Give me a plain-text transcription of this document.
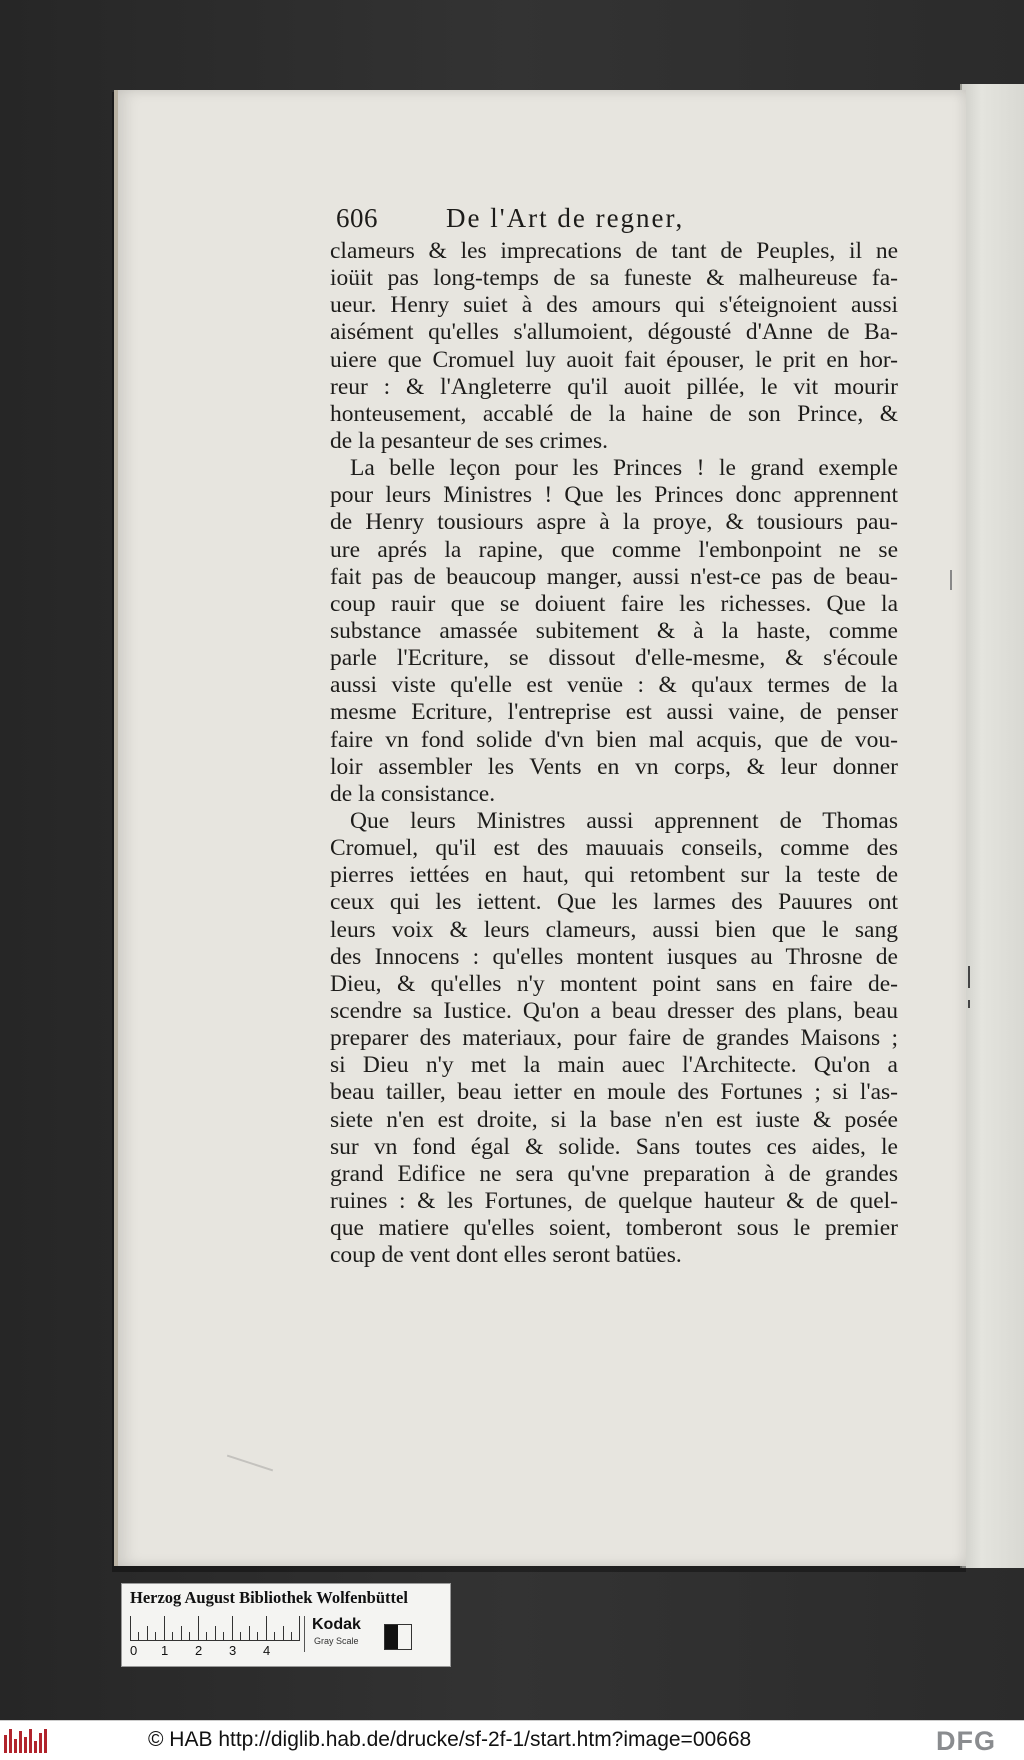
606	De l'Art de regner,
clameurs & les imprecations de tant de Peuples, il ne
ioüit pas long-temps de sa funeste & malheureuse fa-
ueur. Henry suiet à des amours qui s'éteignoient aussi
aisément qu'elles s'allumoient, dégousté d'Anne de Ba-
uiere que Cromuel luy auoit fait épouser, le prit en hor-
reur : & l'Angleterre qu'il auoit pillée, le vit mourir
honteusement, accablé de la haine de son Prince, &
de la pesanteur de ses crimes.
La belle leçon pour les Princes ! le grand exemple
pour leurs Ministres ! Que les Princes donc apprennent
de Henry tousiours aspre à la proye, & tousiours pau-
ure aprés la rapine, que comme l'embonpoint ne se
fait pas de beaucoup manger, aussi n'est-ce pas de beau-
coup rauir que se doiuent faire les richesses. Que la
substance amassée subitement & à la haste, comme
parle l'Ecriture, se dissout d'elle-mesme, & s'écoule
aussi viste qu'elle est venüe : & qu'aux termes de la
mesme Ecriture, l'entreprise est aussi vaine, de penser
faire vn fond solide d'vn bien mal acquis, que de vou-
loir assembler les Vents en vn corps, & leur donner
de la consistance.
Que leurs Ministres aussi apprennent de Thomas
Cromuel, qu'il est des mauuais conseils, comme des
pierres iettées en haut, qui retombent sur la teste de
ceux qui les iettent. Que les larmes des Pauures ont
leurs voix & leurs clameurs, aussi bien que le sang
des Innocens : qu'elles montent iusques au Throsne de
Dieu, & qu'elles n'y montent point sans en faire de-
scendre sa Iustice. Qu'on a beau dresser des plans, beau
preparer des materiaux, pour faire de grandes Maisons ;
si Dieu n'y met la main auec l'Architecte. Qu'on a
beau tailler, beau ietter en moule des Fortunes ; si l'as-
siete n'en est droite, si la base n'en est iuste & posée
sur vn fond égal & solide. Sans toutes ces aides, le
grand Edifice ne sera qu'vne preparation à de grandes
ruines : & les Fortunes, de quelque hauteur & de quel-
que matiere qu'elles soient, tomberont sous le premier
coup de vent dont elles seront batües.
Herzog August Bibliothek Wolfenbüttel
0 1 2 3 4
Kodak
Gray Scale
© HAB http://diglib.hab.de/drucke/sf-2f-1/start.htm?image=00668	DFG
